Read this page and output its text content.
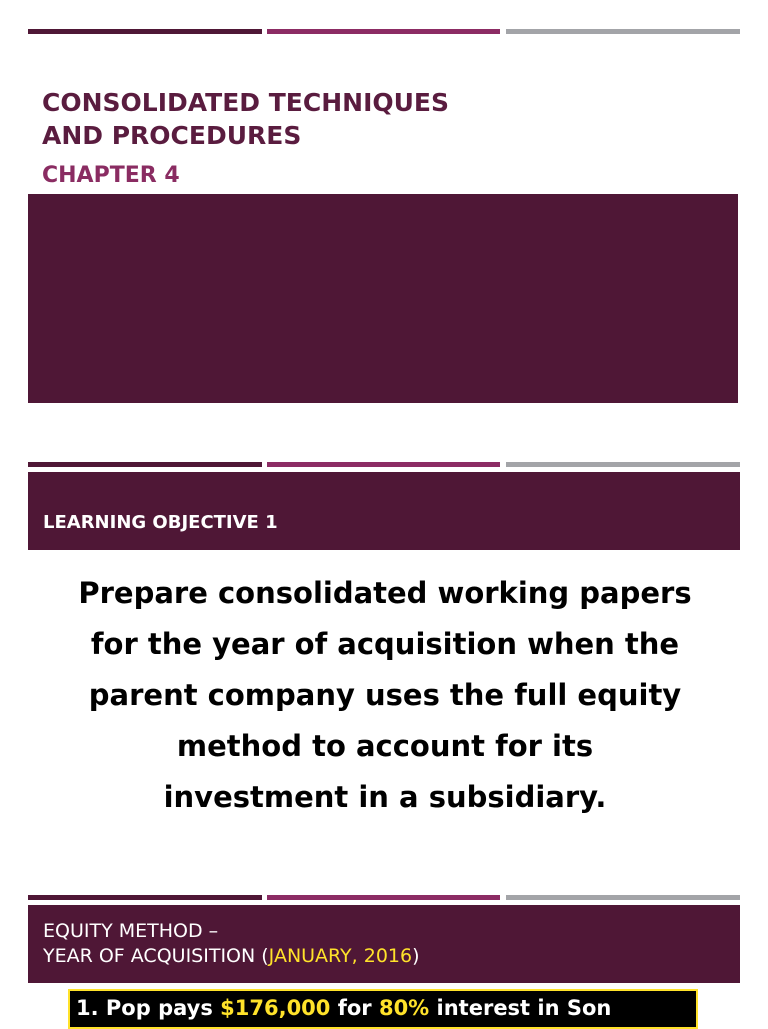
CONSOLIDATED TECHNIQUES
AND PROCEDURES
CHAPTER 4
LEARNING OBJECTIVE 1
Prepare consolidated working papers
for the year of acquisition when the
parent company uses the full equity
method to account for its
investment in a subsidiary.
EQUITY METHOD –
YEAR OF ACQUISITION (JANUARY, 2016)
1. Pop pays $176,000 for 80% interest in Son
